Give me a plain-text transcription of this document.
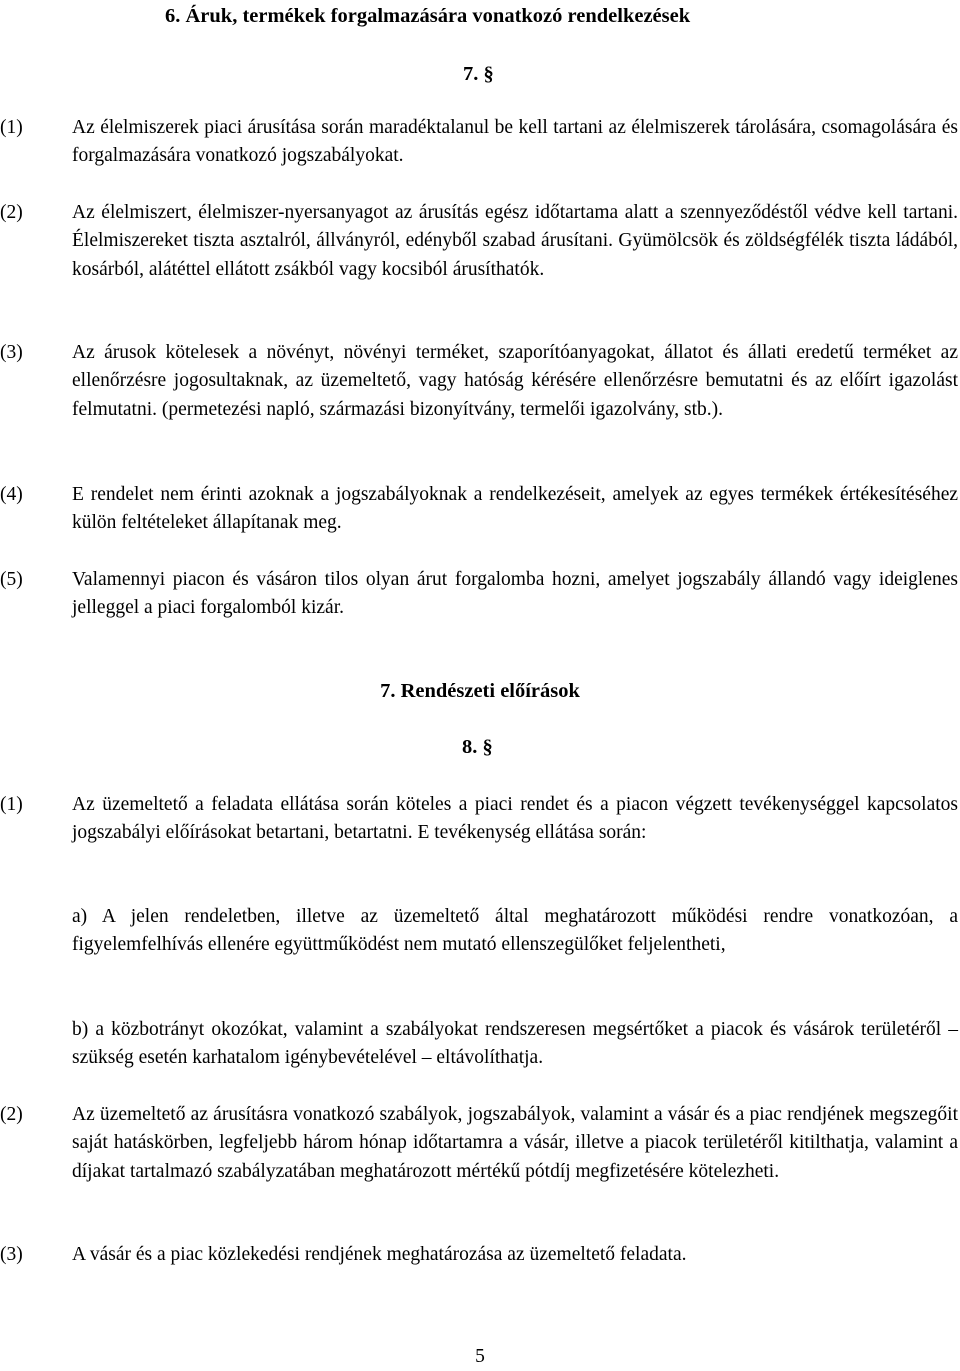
6. Áruk, termékek forgalmazására vonatkozó rendelkezések
7. §
(1)	Az élelmiszerek piaci árusítása során maradéktalanul be kell tartani az élelmiszerek tárolására, csomagolására és forgalmazására vonatkozó jogszabályokat.
(2)	Az élelmiszert, élelmiszer-nyersanyagot az árusítás egész időtartama alatt a szennyeződéstől védve kell tartani. Élelmiszereket tiszta asztalról, állványról, edényből szabad árusítani. Gyümölcsök és zöldségfélék tiszta ládából, kosárból, alátéttel ellátott zsákból vagy kocsiból árusíthatók.
(3)	Az árusok kötelesek a növényt, növényi terméket, szaporítóanyagokat, állatot és állati eredetű terméket az ellenőrzésre jogosultaknak, az üzemeltető, vagy hatóság kérésére ellenőrzésre bemutatni és az előírt igazolást felmutatni. (permetezési napló, származási bizonyítvány, termelői igazolvány, stb.).
(4)	E rendelet nem érinti azoknak a jogszabályoknak a rendelkezéseit, amelyek az egyes termékek értékesítéséhez külön feltételeket állapítanak meg.
(5)	Valamennyi piacon és vásáron tilos olyan árut forgalomba hozni, amelyet jogszabály állandó vagy ideiglenes jelleggel a piaci forgalomból kizár.
7. Rendészeti előírások
8. §
(1)	Az üzemeltető a feladata ellátása során köteles a piaci rendet és a piacon végzett tevékenységgel kapcsolatos jogszabályi előírásokat betartani, betartatni. E tevékenység ellátása során:
a) A jelen rendeletben, illetve az üzemeltető által meghatározott működési rendre vonatkozóan, a figyelemfelhívás ellenére együttműködést nem mutató ellenszegülőket feljelentheti,
b) a közbotrányt okozókat, valamint a szabályokat rendszeresen megsértőket a piacok és vásárok területéről – szükség esetén karhatalom igénybevételével – eltávolíthatja.
(2)	Az üzemeltető az árusításra vonatkozó szabályok, jogszabályok, valamint a vásár és a piac rendjének megszegőit saját hatáskörben, legfeljebb három hónap időtartamra a vásár, illetve a piacok területéről kitilthatja, valamint a díjakat tartalmazó szabályzatában meghatározott mértékű pótdíj megfizetésére kötelezheti.
(3)	A vásár és a piac közlekedési rendjének meghatározása az üzemeltető feladata.
5
